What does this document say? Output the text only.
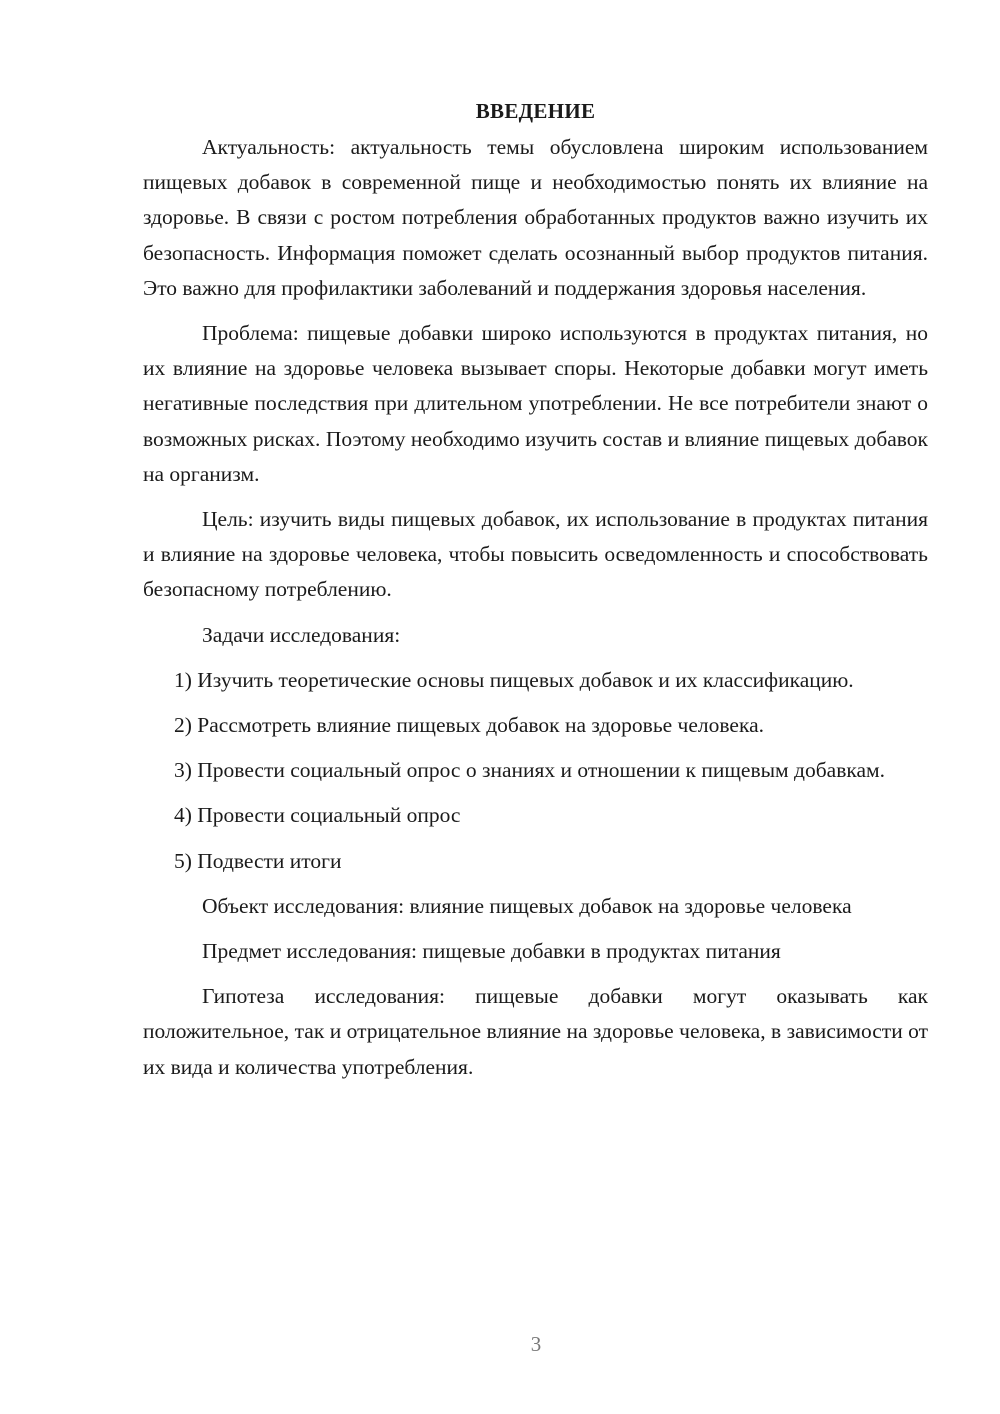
ВВЕДЕНИЕ

Актуальность: актуальность темы обусловлена широким использованием пищевых добавок в современной пище и необходимостью понять их влияние на здоровье. В связи с ростом потребления обработанных продуктов важно изучить их безопасность. Информация поможет сделать осознанный выбор продуктов питания. Это важно для профилактики заболеваний и поддержания здоровья населения.

Проблема: пищевые добавки широко используются в продуктах питания, но их влияние на здоровье человека вызывает споры. Некоторые добавки могут иметь негативные последствия при длительном употреблении. Не все потребители знают о возможных рисках. Поэтому необходимо изучить состав и влияние пищевых добавок на организм.

Цель: изучить виды пищевых добавок, их использование в продуктах питания и влияние на здоровье человека, чтобы повысить осведомленность и способствовать безопасному потреблению.

Задачи исследования:

1) Изучить теоретические основы пищевых добавок и их классификацию.

2) Рассмотреть влияние пищевых добавок на здоровье человека.

3) Провести социальный опрос о знаниях и отношении к пищевым добавкам.

4) Провести социальный опрос

5) Подвести итоги

Объект исследования: влияние пищевых добавок на здоровье человека

Предмет исследования: пищевые добавки в продуктах питания

Гипотеза исследования: пищевые добавки могут оказывать как положительное, так и отрицательное влияние на здоровье человека, в зависимости от их вида и количества употребления.

3
